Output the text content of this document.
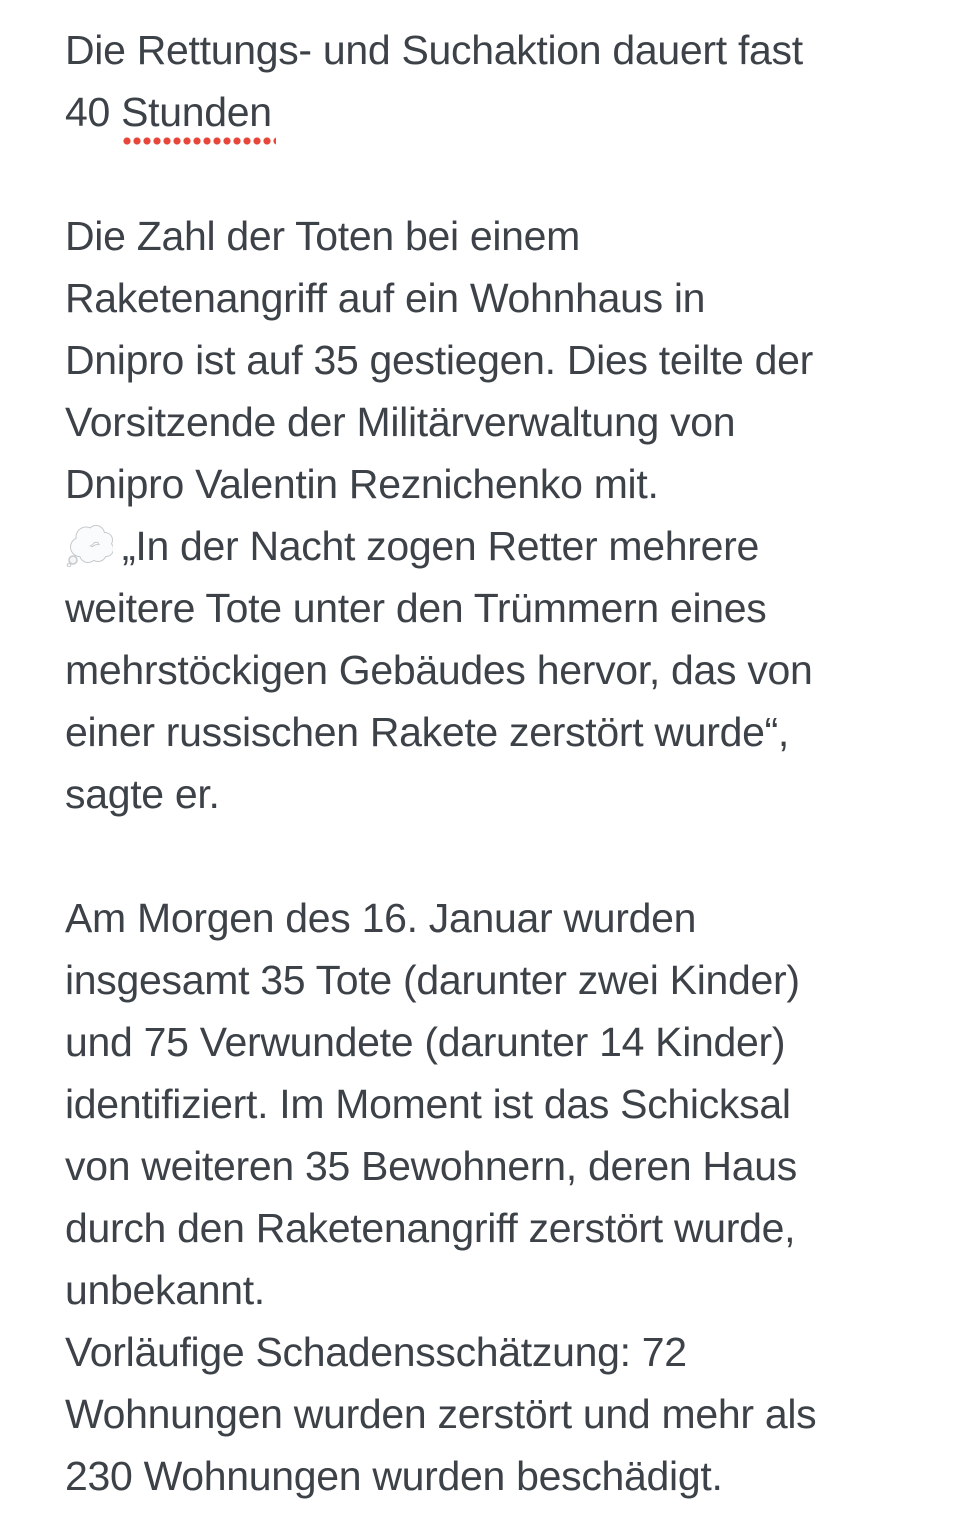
Die Rettungs- und Suchaktion dauert fast
40 Stunden
Die Zahl der Toten bei einem
Raketenangriff auf ein Wohnhaus in
Dnipro ist auf 35 gestiegen. Dies teilte der
Vorsitzende der Militärverwaltung von
Dnipro Valentin Reznichenko mit.
„In der Nacht zogen Retter mehrere
weitere Tote unter den Trümmern eines
mehrstöckigen Gebäudes hervor, das von
einer russischen Rakete zerstört wurde“,
sagte er.
Am Morgen des 16. Januar wurden
insgesamt 35 Tote (darunter zwei Kinder)
und 75 Verwundete (darunter 14 Kinder)
identifiziert. Im Moment ist das Schicksal
von weiteren 35 Bewohnern, deren Haus
durch den Raketenangriff zerstört wurde,
unbekannt.
Vorläufige Schadensschätzung: 72
Wohnungen wurden zerstört und mehr als
230 Wohnungen wurden beschädigt.
